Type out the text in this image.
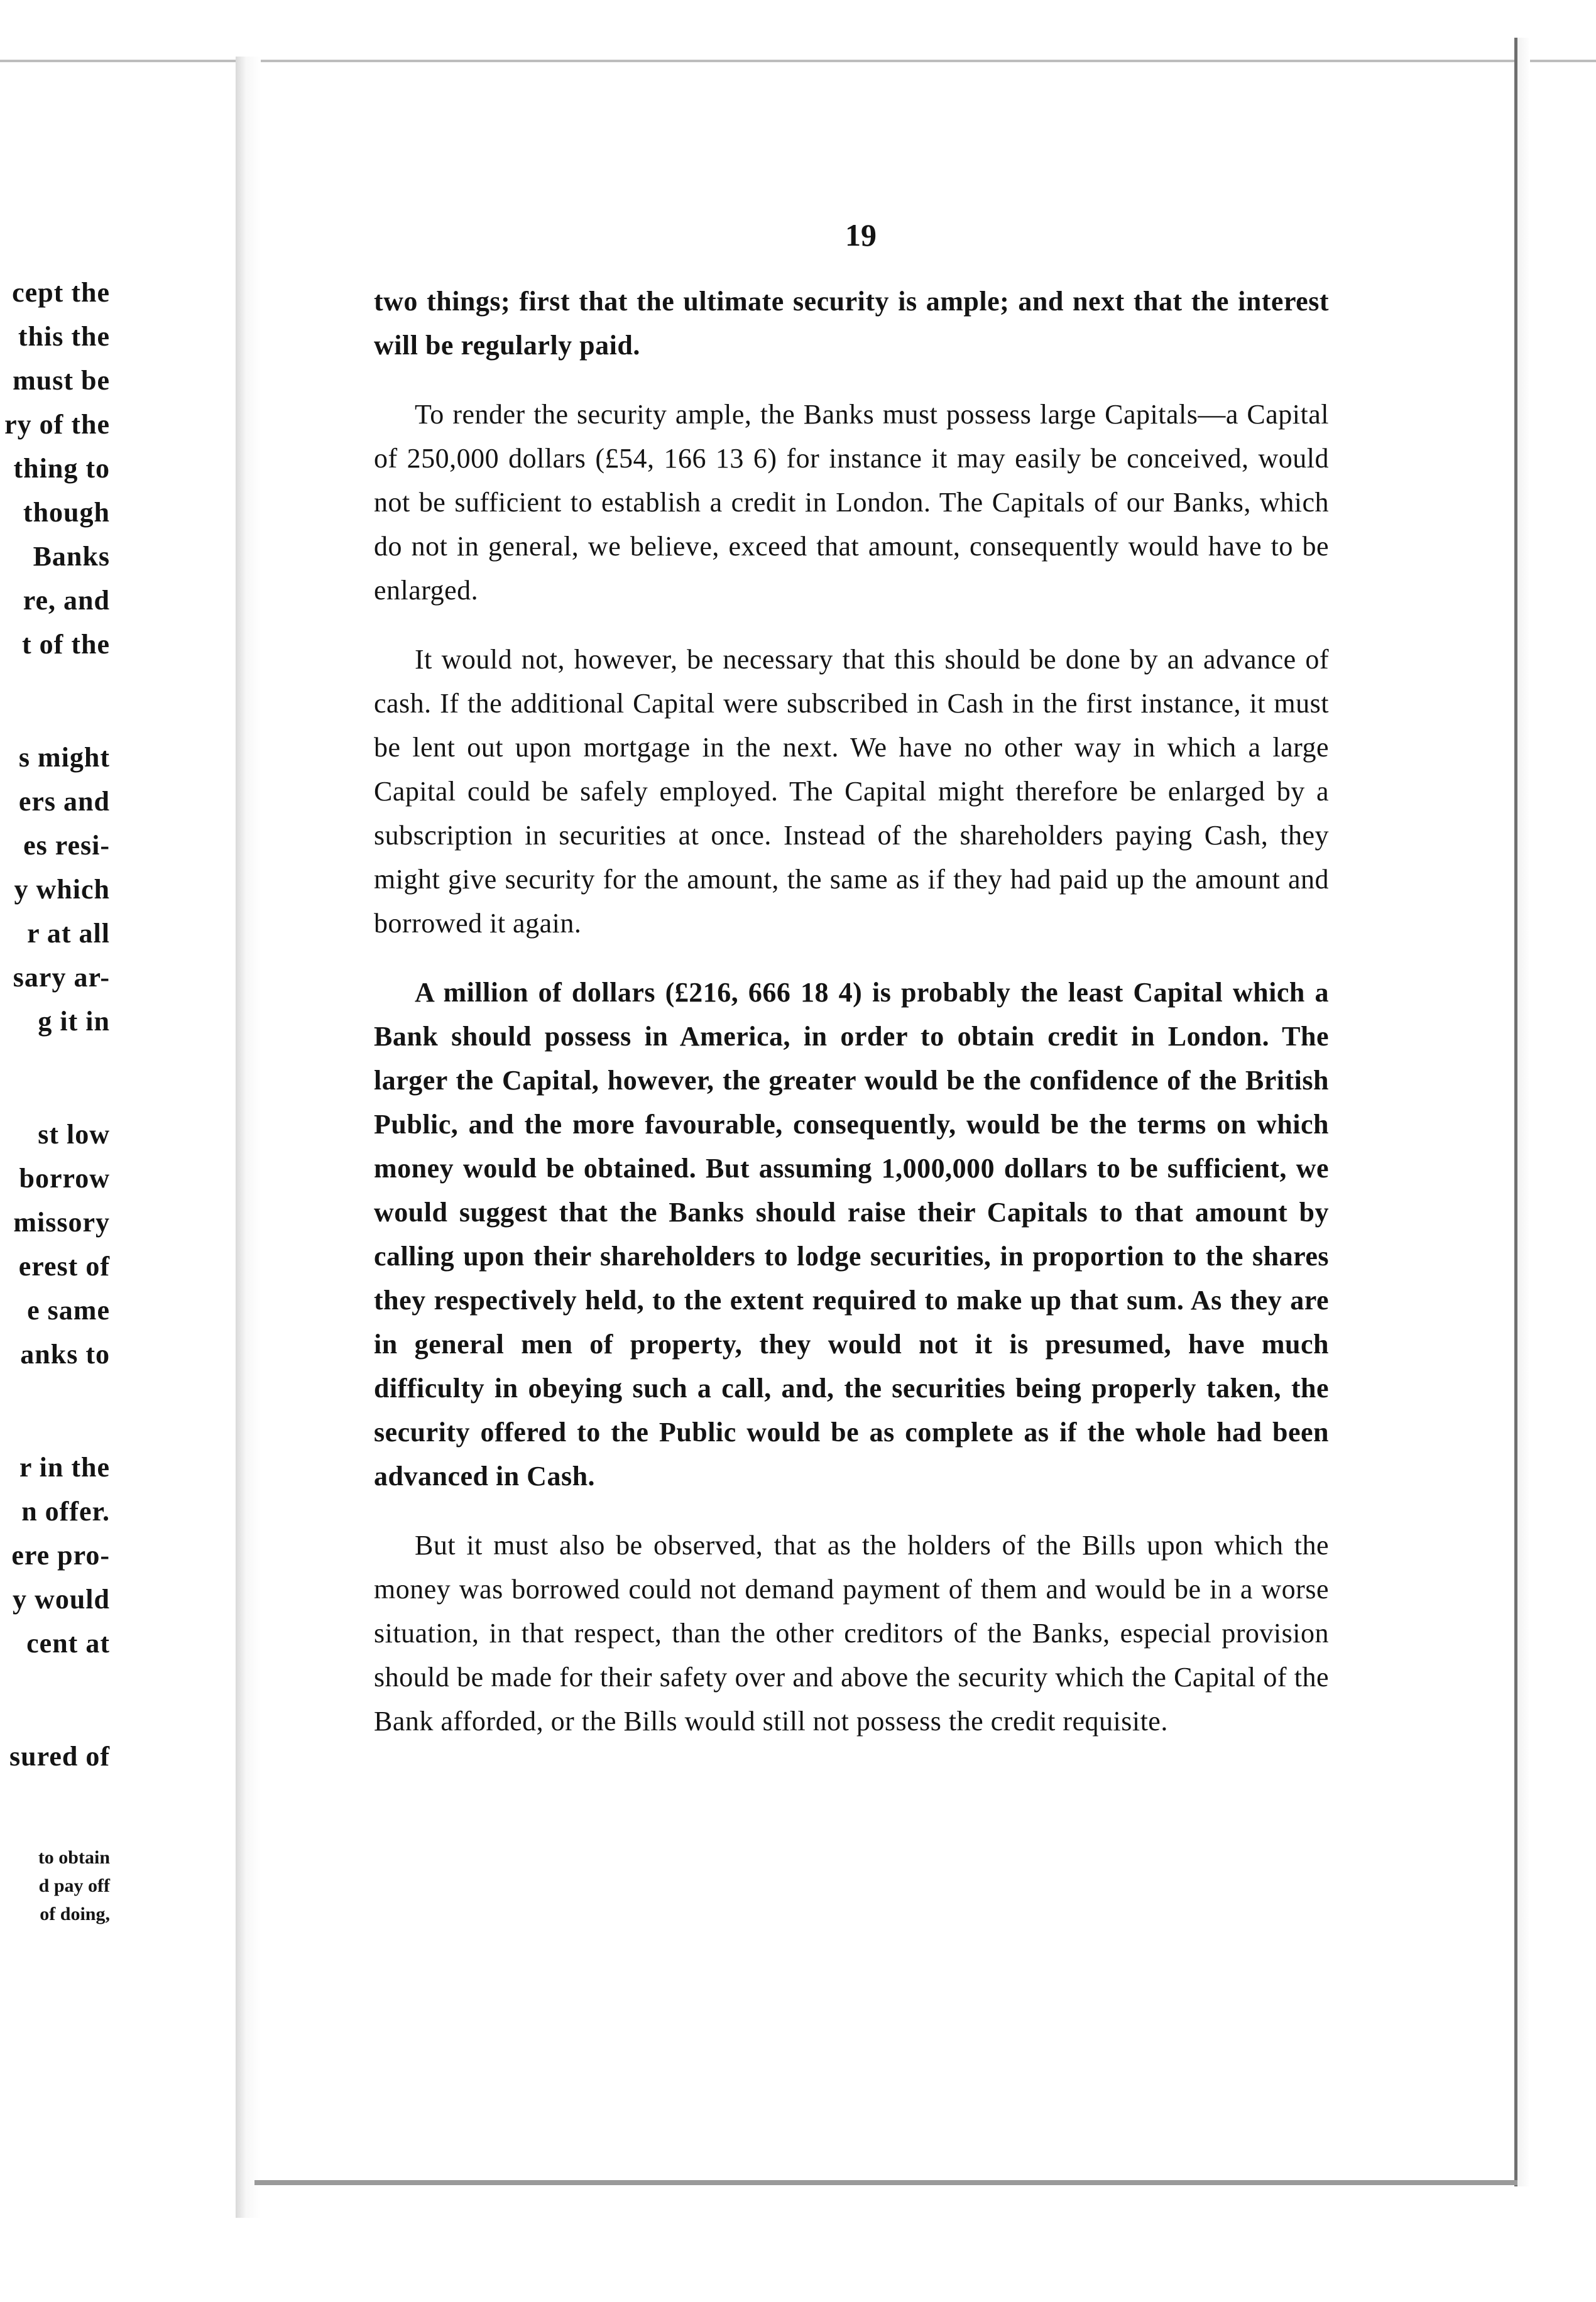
cept the
this the
must be
ry of the
thing to
though
Banks
re, and
t of the
s might
ers and
es resi-
y which
r at all
sary ar-
g it in
st low
borrow
missory
erest of
e same
anks to
r in the
n offer.
ere pro-
y would
cent at
sured of
to obtain
d pay off
of doing,
19

two things; first that the ultimate security is ample; and next that the interest will be regularly paid.

To render the security ample, the Banks must possess large Capitals—a Capital of 250,000 dollars (£54, 166 13 6) for instance it may easily be conceived, would not be sufficient to establish a credit in London. The Capitals of our Banks, which do not in general, we believe, exceed that amount, consequently would have to be enlarged.

It would not, however, be necessary that this should be done by an advance of cash. If the additional Capital were subscribed in Cash in the first instance, it must be lent out upon mortgage in the next. We have no other way in which a large Capital could be safely employed. The Capital might therefore be enlarged by a subscription in securities at once. Instead of the shareholders paying Cash, they might give security for the amount, the same as if they had paid up the amount and borrowed it again.

A million of dollars (£216, 666 18 4) is probably the least Capital which a Bank should possess in America, in order to obtain credit in London. The larger the Capital, however, the greater would be the confidence of the British Public, and the more favourable, consequently, would be the terms on which money would be obtained. But assuming 1,000,000 dollars to be sufficient, we would suggest that the Banks should raise their Capitals to that amount by calling upon their shareholders to lodge securities, in proportion to the shares they respectively held, to the extent required to make up that sum. As they are in general men of property, they would not it is presumed, have much difficulty in obeying such a call, and, the securities being properly taken, the security offered to the Public would be as complete as if the whole had been advanced in Cash.

But it must also be observed, that as the holders of the Bills upon which the money was borrowed could not demand payment of them and would be in a worse situation, in that respect, than the other creditors of the Banks, especial provision should be made for their safety over and above the security which the Capital of the Bank afforded, or the Bills would still not possess the credit requisite.
